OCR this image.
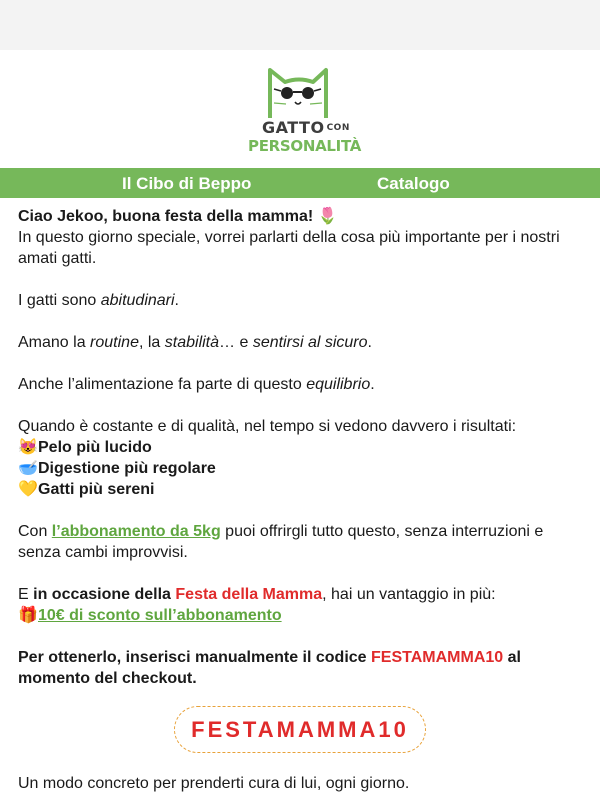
GATTO CON
PERSONALITÀ
Il Cibo di Beppo	Catalogo

Ciao Jekoo, buona festa della mamma! 🌷

In questo giorno speciale, vorrei parlarti della cosa più importante per i nostri amati gatti.

I gatti sono abitudinari.

Amano la routine, la stabilità… e sentirsi al sicuro.

Anche l’alimentazione fa parte di questo equilibrio.

Quando è costante e di qualità, nel tempo si vedono davvero i risultati:

😻Pelo più lucido

🥣Digestione più regolare

💛Gatti più sereni

Con l’abbonamento da 5kg puoi offrirgli tutto questo, senza interruzioni e senza cambi improvvisi.

E in occasione della Festa della Mamma, hai un vantaggio in più:

🎁10€ di sconto sull’abbonamento

Per ottenerlo, inserisci manualmente il codice FESTAMAMMA10 al momento del checkout.

FESTAMAMMA10

Un modo concreto per prenderti cura di lui, ogni giorno.
